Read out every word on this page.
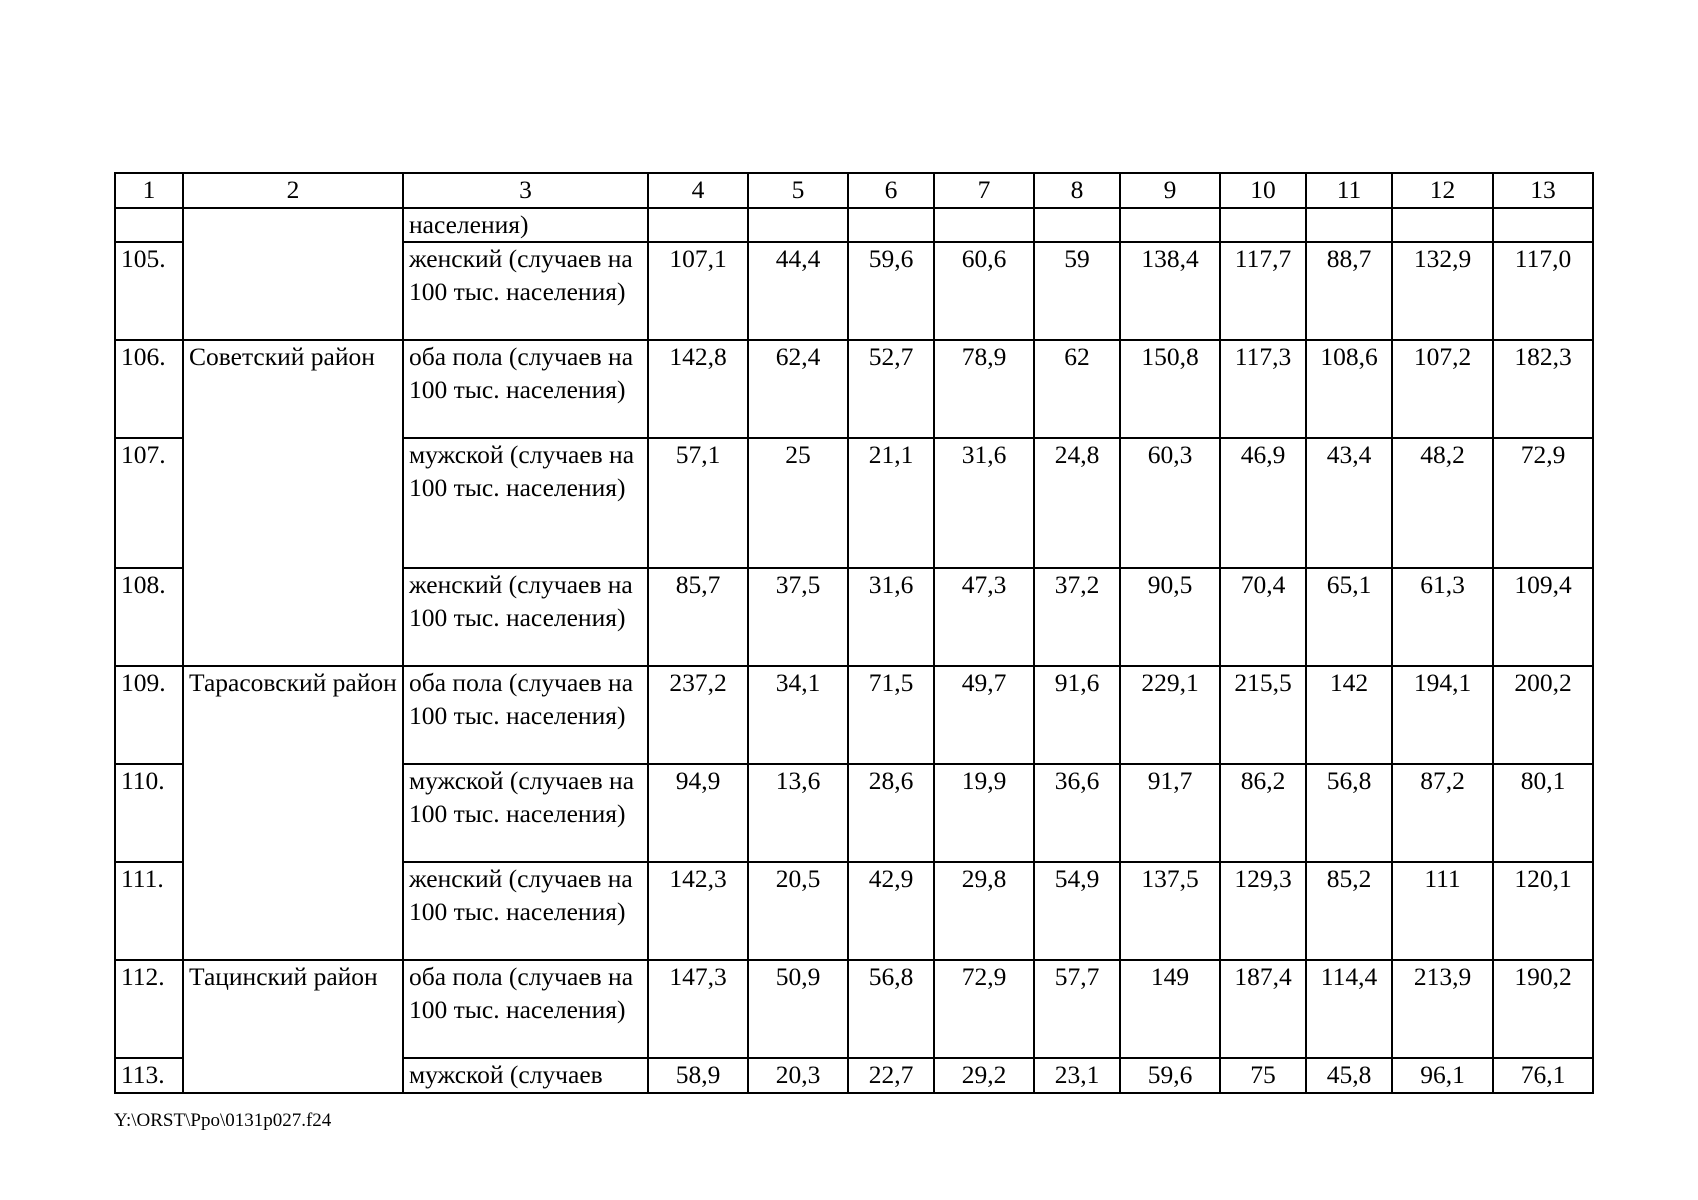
1	2	3	4	5	6	7	8	9	10	11	12	13
		населения)										
105.		женский (случаев на 100 тыс. населения)	107,1	44,4	59,6	60,6	59	138,4	117,7	88,7	132,9	117,0
106.	Советский район	оба пола (случаев на 100 тыс. населения)	142,8	62,4	52,7	78,9	62	150,8	117,3	108,6	107,2	182,3
107.		мужской (случаев на 100 тыс. населения)	57,1	25	21,1	31,6	24,8	60,3	46,9	43,4	48,2	72,9
108.		женский (случаев на 100 тыс. населения)	85,7	37,5	31,6	47,3	37,2	90,5	70,4	65,1	61,3	109,4
109.	Тарасовский район	оба пола (случаев на 100 тыс. населения)	237,2	34,1	71,5	49,7	91,6	229,1	215,5	142	194,1	200,2
110.		мужской (случаев на 100 тыс. населения)	94,9	13,6	28,6	19,9	36,6	91,7	86,2	56,8	87,2	80,1
111.		женский (случаев на 100 тыс. населения)	142,3	20,5	42,9	29,8	54,9	137,5	129,3	85,2	111	120,1
112.	Тацинский район	оба пола (случаев на 100 тыс. населения)	147,3	50,9	56,8	72,9	57,7	149	187,4	114,4	213,9	190,2
113.		мужской (случаев	58,9	20,3	22,7	29,2	23,1	59,6	75	45,8	96,1	76,1
Y:\ORST\Ppo\0131p027.f24
